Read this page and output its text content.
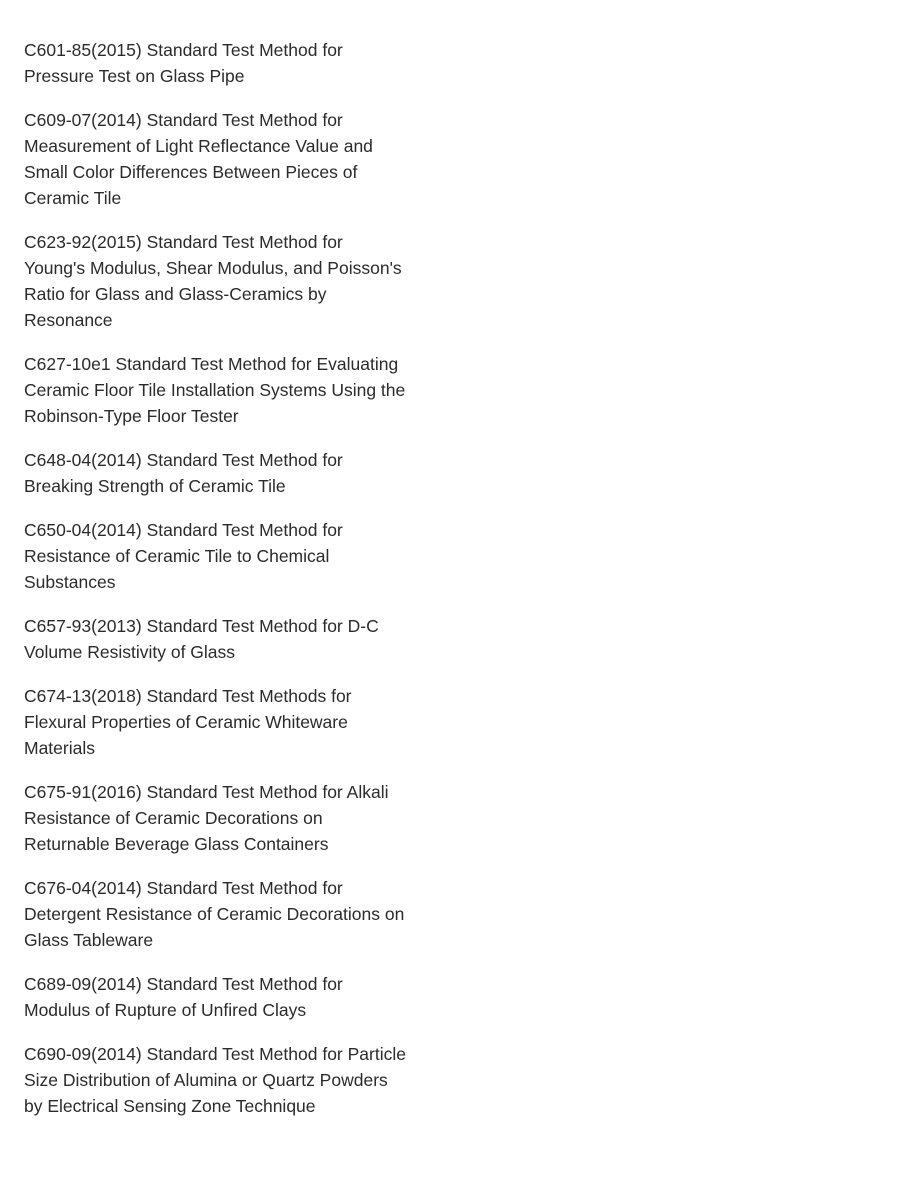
C601-85(2015) Standard Test Method for
Pressure Test on Glass Pipe

C609-07(2014) Standard Test Method for
Measurement of Light Reflectance Value and
Small Color Differences Between Pieces of
Ceramic Tile

C623-92(2015) Standard Test Method for
Young's Modulus, Shear Modulus, and Poisson's
Ratio for Glass and Glass-Ceramics by
Resonance

C627-10e1 Standard Test Method for Evaluating
Ceramic Floor Tile Installation Systems Using the
Robinson-Type Floor Tester

C648-04(2014) Standard Test Method for
Breaking Strength of Ceramic Tile

C650-04(2014) Standard Test Method for
Resistance of Ceramic Tile to Chemical
Substances

C657-93(2013) Standard Test Method for D-C
Volume Resistivity of Glass

C674-13(2018) Standard Test Methods for
Flexural Properties of Ceramic Whiteware
Materials

C675-91(2016) Standard Test Method for Alkali
Resistance of Ceramic Decorations on
Returnable Beverage Glass Containers

C676-04(2014) Standard Test Method for
Detergent Resistance of Ceramic Decorations on
Glass Tableware

C689-09(2014) Standard Test Method for
Modulus of Rupture of Unfired Clays

C690-09(2014) Standard Test Method for Particle
Size Distribution of Alumina or Quartz Powders
by Electrical Sensing Zone Technique
